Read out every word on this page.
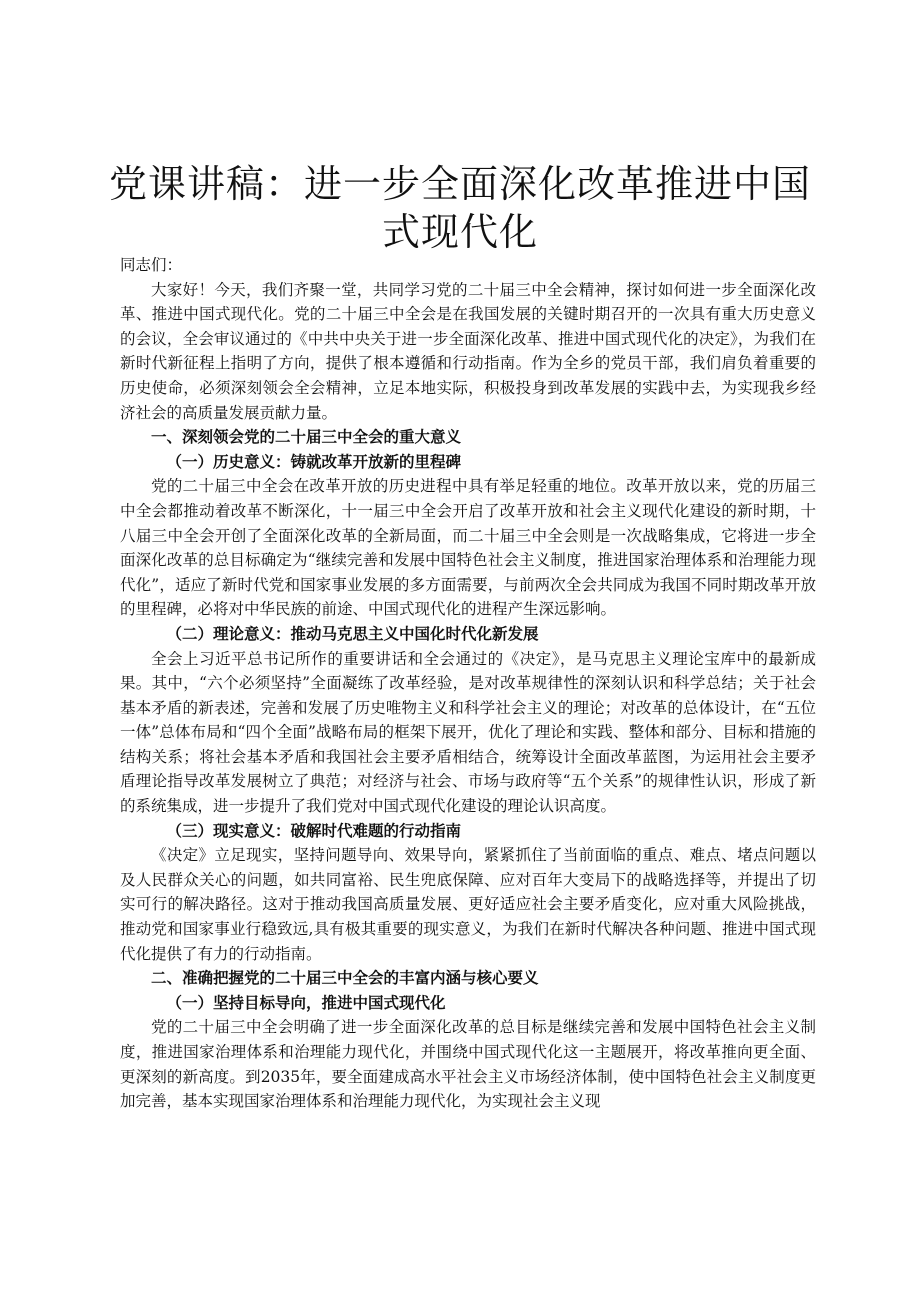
党课讲稿：进一步全面深化改革推进中国式现代化

同志们：

大家好！今天，我们齐聚一堂，共同学习党的二十届三中全会精神，探讨如何进一步全面深化改革、推进中国式现代化。党的二十届三中全会是在我国发展的关键时期召开的一次具有重大历史意义的会议，全会审议通过的《中共中央关于进一步全面深化改革、推进中国式现代化的决定》，为我们在新时代新征程上指明了方向，提供了根本遵循和行动指南。作为全乡的党员干部，我们肩负着重要的历史使命，必须深刻领会全会精神，立足本地实际，积极投身到改革发展的实践中去，为实现我乡经济社会的高质量发展贡献力量。

一、深刻领会党的二十届三中全会的重大意义

（一）历史意义：铸就改革开放新的里程碑

党的二十届三中全会在改革开放的历史进程中具有举足轻重的地位。改革开放以来，党的历届三中全会都推动着改革不断深化，十一届三中全会开启了改革开放和社会主义现代化建设的新时期，十八届三中全会开创了全面深化改革的全新局面，而二十届三中全会则是一次战略集成，它将进一步全面深化改革的总目标确定为“继续完善和发展中国特色社会主义制度，推进国家治理体系和治理能力现代化”，适应了新时代党和国家事业发展的多方面需要，与前两次全会共同成为我国不同时期改革开放的里程碑，必将对中华民族的前途、中国式现代化的进程产生深远影响。

（二）理论意义：推动马克思主义中国化时代化新发展

全会上习近平总书记所作的重要讲话和全会通过的《决定》，是马克思主义理论宝库中的最新成果。其中，“六个必须坚持”全面凝练了改革经验，是对改革规律性的深刻认识和科学总结；关于社会基本矛盾的新表述，完善和发展了历史唯物主义和科学社会主义的理论；对改革的总体设计，在“五位一体”总体布局和“四个全面”战略布局的框架下展开，优化了理论和实践、整体和部分、目标和措施的结构关系；将社会基本矛盾和我国社会主要矛盾相结合，统筹设计全面改革蓝图，为运用社会主要矛盾理论指导改革发展树立了典范；对经济与社会、市场与政府等“五个关系”的规律性认识，形成了新的系统集成，进一步提升了我们党对中国式现代化建设的理论认识高度。

（三）现实意义：破解时代难题的行动指南

《决定》立足现实，坚持问题导向、效果导向，紧紧抓住了当前面临的重点、难点、堵点问题以及人民群众关心的问题，如共同富裕、民生兜底保障、应对百年大变局下的战略选择等，并提出了切实可行的解决路径。这对于推动我国高质量发展、更好适应社会主要矛盾变化，应对重大风险挑战，推动党和国家事业行稳致远,具有极其重要的现实意义，为我们在新时代解决各种问题、推进中国式现代化提供了有力的行动指南。

二、准确把握党的二十届三中全会的丰富内涵与核心要义

（一）坚持目标导向，推进中国式现代化

党的二十届三中全会明确了进一步全面深化改革的总目标是继续完善和发展中国特色社会主义制度，推进国家治理体系和治理能力现代化，并围绕中国式现代化这一主题展开，将改革推向更全面、更深刻的新高度。到2035年，要全面建成高水平社会主义市场经济体制，使中国特色社会主义制度更加完善，基本实现国家治理体系和治理能力现代化，为实现社会主义现
